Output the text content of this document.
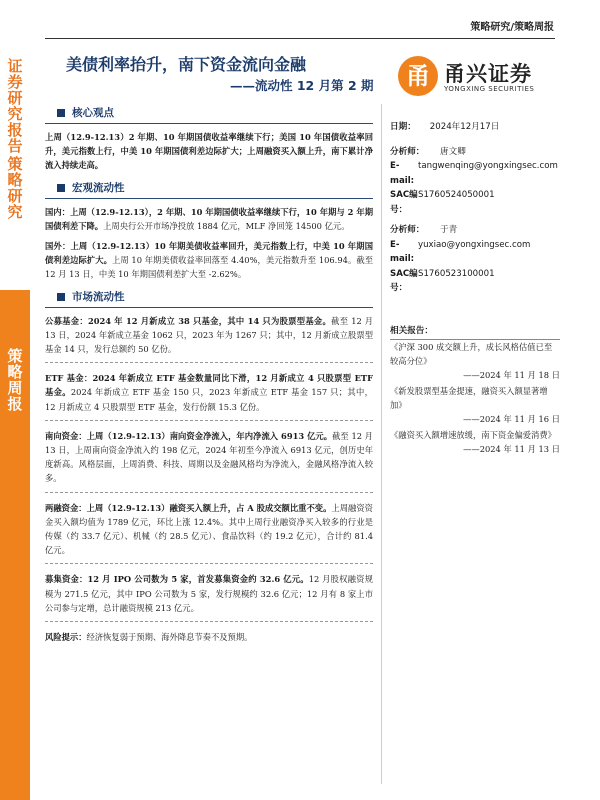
策略研究/策略周报
证券研究报告
策略研究
策略周报
美债利率抬升，南下资金流向金融
——流动性 12 月第 2 期	甬 甬兴证券
YONGXING SECURITIES
核心观点

上周（12.9-12.13）2 年期、10 年期国债收益率继续下行；美国 10 年国债收益率回升，美元指数上行，中美 10 年期国债利差边际扩大；上周融资买入额上升，南下累计净流入持续走高。

宏观流动性

国内：上周（12.9-12.13），2 年期、10 年期国债收益率继续下行，10 年期与 2 年期国债利差下降。上周央行公开市场净投放 1884 亿元，MLF 净回笼 14500 亿元。

国外：上周（12.9-12.13）10 年期美债收益率回升，美元指数上行，中美 10 年期国债利差边际扩大。上周 10 年期美债收益率回落至 4.40%，美元指数升至 106.94。截至 12 月 13 日，中美 10 年期国债利差扩大至 -2.62%。

市场流动性

公募基金：2024 年 12 月新成立 38 只基金，其中 14 只为股票型基金。截至 12 月 13 日，2024 年新成立基金 1062 只，2023 年为 1267 只；其中，12 月新成立股票型基金 14 只，发行总额约 50 亿份。

ETF 基金：2024 年新成立 ETF 基金数量同比下滑，12 月新成立 4 只股票型 ETF 基金。2024 年新成立 ETF 基金 150 只，2023 年新成立 ETF 基金 157 只；其中，12 月新成立 4 只股票型 ETF 基金，发行份额 15.3 亿份。

南向资金：上周（12.9-12.13）南向资金净流入，年内净流入 6913 亿元。截至 12 月 13 日，上周南向资金净流入约 198 亿元，2024 年初至今净流入 6913 亿元，创历史年度新高。风格层面，上周消费、科技、周期以及金融风格均为净流入，金融风格净流入较多。

两融资金：上周（12.9-12.13）融资买入额上升，占 A 股成交额比重不变。上周融资资金买入额均值为 1789 亿元，环比上涨 12.4%。其中上周行业融资净买入较多的行业是传媒（约 33.7 亿元）、机械（约 28.5 亿元）、食品饮料（约 19.2 亿元），合计约 81.4 亿元。

募集资金：12 月 IPO 公司数为 5 家，首发募集资金约 32.6 亿元。12 月股权融资规模为 271.5 亿元，其中 IPO 公司数为 5 家，发行规模约 32.6 亿元；12 月有 8 家上市公司参与定增，总计融资规模 213 亿元。

风险提示：经济恢复弱于预期、海外降息节奏不及预期。

日期： 2024年12月17日
分析师： 唐文卿
E-mail:tangwenqing@yongxingsec.com
SAC编号：S1760524050001
分析师： 于青
E-mail:yuxiao@yongxingsec.com
SAC编号：S1760523100001
相关报告：
《沪深 300 成交额上升，成长风格估值已至较高分位》
——2024 年 11 月 18 日
《新发股票型基金提速，融资买入额显著增加》
——2024 年 11 月 16 日
《融资买入额增速放缓，南下资金偏爱消费》
——2024 年 11 月 13 日
